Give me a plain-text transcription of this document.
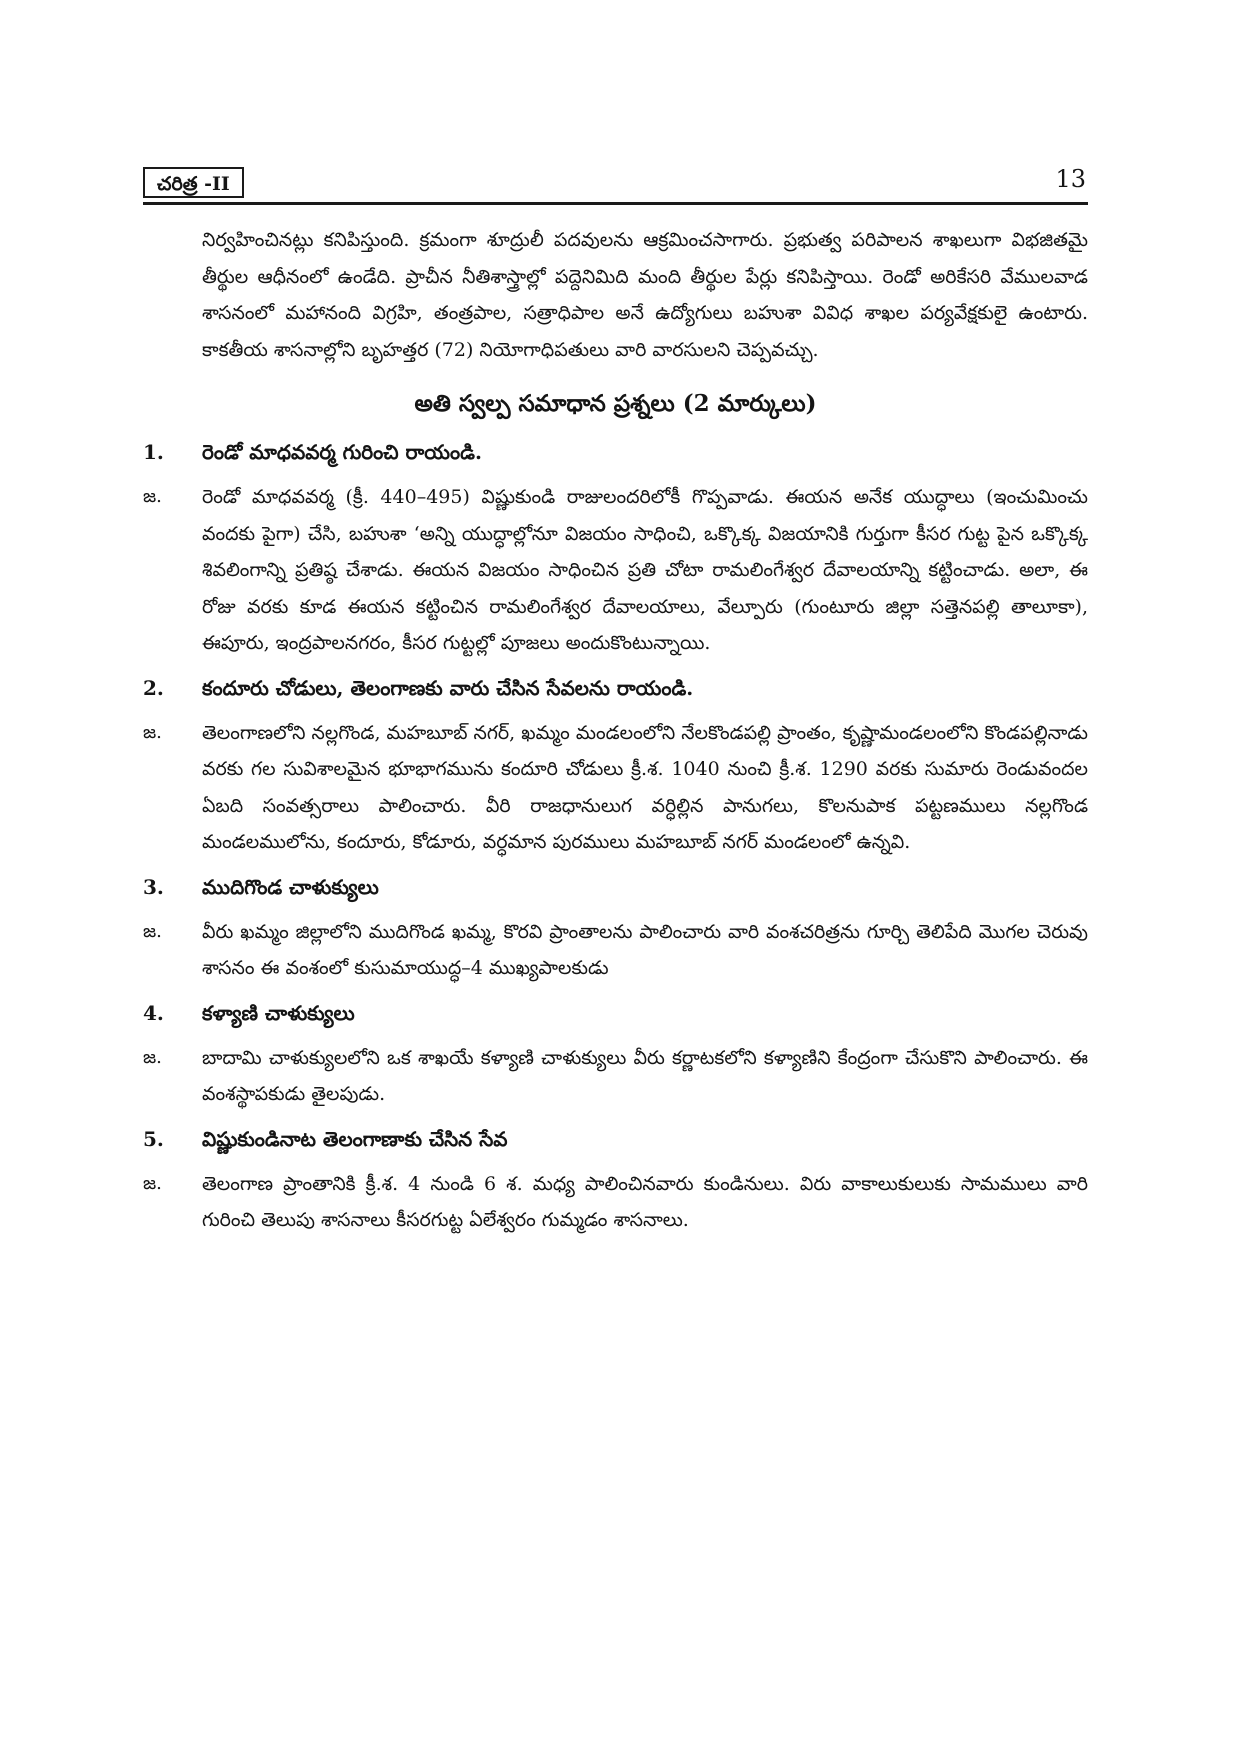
చరిత్ర -II	13

నిర్వహించినట్లు కనిపిస్తుంది. క్రమంగా శూద్రులీ పదవులను ఆక్రమించసాగారు. ప్రభుత్వ పరిపాలన శాఖలుగా విభజితమై తీర్థుల ఆధీనంలో ఉండేది. ప్రాచీన నీతిశాస్త్రాల్లో పద్దెనిమిది మంది తీర్థుల పేర్లు కనిపిస్తాయి. రెండో అరికేసరి వేములవాడ శాసనంలో మహానంది విగ్రహి, తంత్రపాల, సత్రాధిపాల అనే ఉద్యోగులు బహుశా వివిధ శాఖల పర్యవేక్షకులై ఉంటారు. కాకతీయ శాసనాల్లోని బృహత్తర (72) నియోగాధిపతులు వారి వారసులని చెప్పవచ్చు.

అతి స్వల్ప సమాధాన ప్రశ్నలు (2 మార్కులు)
1.	రెండో మాధవవర్మ గురించి రాయండి.
జ.	రెండో మాధవవర్మ (క్రీ. 440–495) విష్ణుకుండి రాజులందరిలోకీ గొప్పవాడు. ఈయన అనేక యుద్ధాలు (ఇంచుమించు వందకు పైగా) చేసి, బహుశా ‘అన్ని యుద్ధాల్లోనూ విజయం సాధించి, ఒక్కొక్క విజయానికి గుర్తుగా కీసర గుట్ట పైన ఒక్కొక్క శివలింగాన్ని ప్రతిష్ఠ చేశాడు. ఈయన విజయం సాధించిన ప్రతి చోటా రామలింగేశ్వర దేవాలయాన్ని కట్టించాడు. అలా, ఈ రోజు వరకు కూడ ఈయన కట్టించిన రామలింగేశ్వర దేవాలయాలు, వేల్పూరు (గుంటూరు జిల్లా సత్తెనపల్లి తాలూకా), ఈపూరు, ఇంద్రపాలనగరం, కీసర గుట్టల్లో పూజలు అందుకొంటున్నాయి.
2.	కందూరు చోడులు, తెలంగాణకు వారు చేసిన సేవలను రాయండి.
జ.	తెలంగాణలోని నల్లగొండ, మహబూబ్ నగర్, ఖమ్మం మండలంలోని నేలకొండపల్లి ప్రాంతం, కృష్ణామండలంలోని కొండపల్లినాడు వరకు గల సువిశాలమైన భూభాగమును కందూరి చోడులు క్రీ.శ. 1040 నుంచి క్రీ.శ. 1290 వరకు సుమారు రెండువందల ఏబది సంవత్సరాలు పాలించారు. వీరి రాజధానులుగ వర్ధిల్లిన పానుగలు, కొలనుపాక పట్టణములు నల్లగొండ మండలములోను, కందూరు, కోడూరు, వర్ధమాన పురములు మహబూబ్ నగర్ మండలంలో ఉన్నవి.
3.	ముదిగొండ చాళుక్యులు
జ.	వీరు ఖమ్మం జిల్లాలోని ముదిగొండ ఖమ్మ, కొరవి ప్రాంతాలను పాలించారు వారి వంశచరిత్రను గూర్చి తెలిపేది మొగల చెరువు శాసనం ఈ వంశంలో కుసుమాయుద్ధ–4 ముఖ్యపాలకుడు
4.	కళ్యాణి చాళుక్యులు
జ.	బాదామి చాళుక్యులలోని ఒక శాఖయే కళ్యాణి చాళుక్యులు వీరు కర్ణాటకలోని కళ్యాణిని కేంద్రంగా చేసుకొని పాలించారు. ఈ వంశస్థాపకుడు తైలపుడు.
5.	విష్ణుకుండినాట తెలంగాణాకు చేసిన సేవ
జ.	తెలంగాణ ప్రాంతానికి క్రీ.శ. 4 నుండి 6 శ. మధ్య పాలించినవారు కుండినులు. విరు వాకాలుకులుకు సామములు వారి గురించి తెలుపు శాసనాలు కీసరగుట్ట ఏలేశ్వరం గుమ్మడం శాసనాలు.
